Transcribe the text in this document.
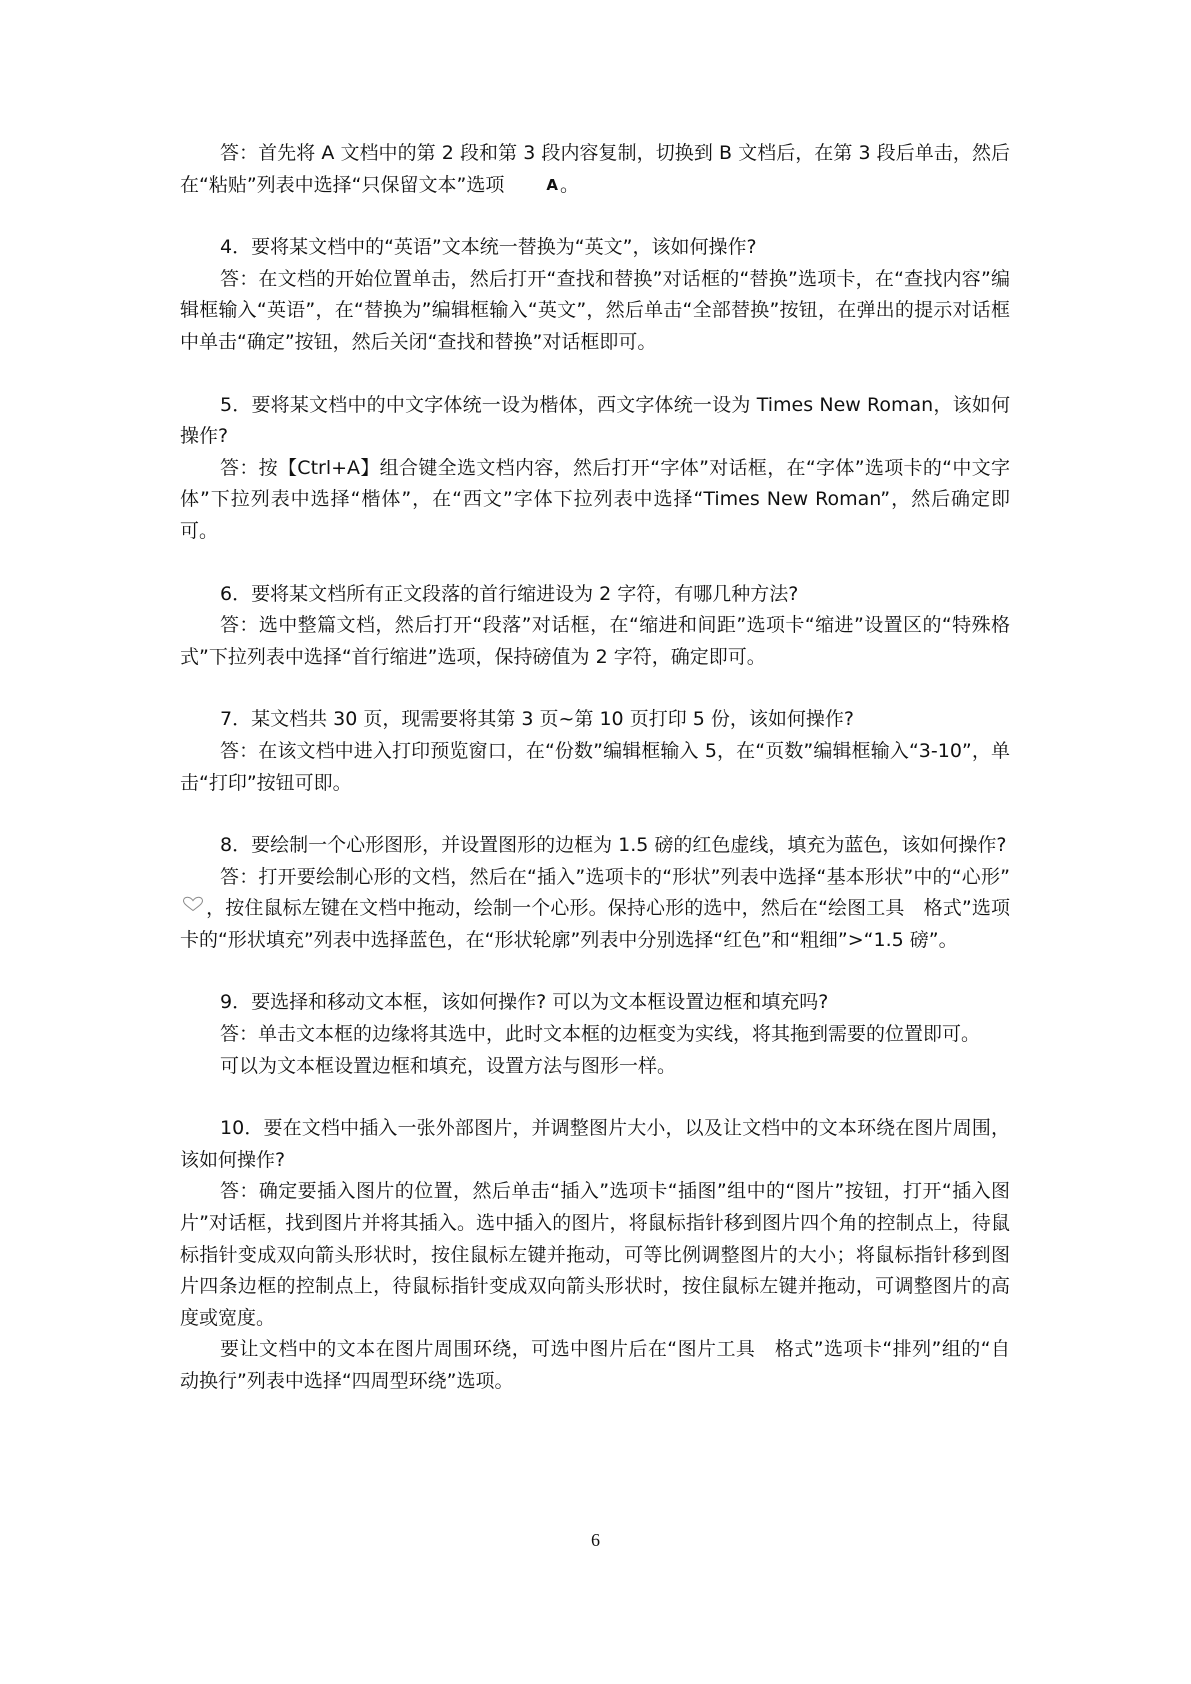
答：首先将 A 文档中的第 2 段和第 3 段内容复制，切换到 B 文档后，在第 3 段后单击，然后在“粘贴”列表中选择“只保留文本”选项	A 。

4．要将某文档中的“英语”文本统一替换为“英文”，该如何操作?

答：在文档的开始位置单击，然后打开“查找和替换”对话框的“替换”选项卡，在“查找内容”编辑框输入“英语”，在“替换为”编辑框输入“英文”，然后单击“全部替换”按钮，在弹出的提示对话框中单击“确定”按钮，然后关闭“查找和替换”对话框即可。

5．要将某文档中的中文字体统一设为楷体，西文字体统一设为 Times New Roman，该如何操作?

答：按【Ctrl+A】组合键全选文档内容，然后打开“字体”对话框，在“字体”选项卡的“中文字体”下拉列表中选择“楷体”，在“西文”字体下拉列表中选择“Times New Roman”，然后确定即可。

6．要将某文档所有正文段落的首行缩进设为 2 字符，有哪几种方法?

答：选中整篇文档，然后打开“段落”对话框，在“缩进和间距”选项卡“缩进”设置区的“特殊格式”下拉列表中选择“首行缩进”选项，保持磅值为 2 字符，确定即可。

7．某文档共 30 页，现需要将其第 3 页~第 10 页打印 5 份，该如何操作?

答：在该文档中进入打印预览窗口，在“份数”编辑框输入 5，在“页数”编辑框输入“3-10”，单击“打印”按钮可即。

8．要绘制一个心形图形，并设置图形的边框为 1.5 磅的红色虚线，填充为蓝色，该如何操作?

答：打开要绘制心形的文档，然后在“插入”选项卡的“形状”列表中选择“基本形状”中的“心形”，按住鼠标左键在文档中拖动，绘制一个心形。保持心形的选中，然后在“绘图工具　格式”选项卡的“形状填充”列表中选择蓝色，在“形状轮廓”列表中分别选择“红色”和“粗细”>“1.5 磅”。

9．要选择和移动文本框，该如何操作? 可以为文本框设置边框和填充吗?

答：单击文本框的边缘将其选中，此时文本框的边框变为实线，将其拖到需要的位置即可。

可以为文本框设置边框和填充，设置方法与图形一样。

10．要在文档中插入一张外部图片，并调整图片大小，以及让文档中的文本环绕在图片周围，该如何操作?

答：确定要插入图片的位置，然后单击“插入”选项卡“插图”组中的“图片”按钮，打开“插入图片”对话框，找到图片并将其插入。选中插入的图片，将鼠标指针移到图片四个角的控制点上，待鼠标指针变成双向箭头形状时，按住鼠标左键并拖动，可等比例调整图片的大小；将鼠标指针移到图片四条边框的控制点上，待鼠标指针变成双向箭头形状时，按住鼠标左键并拖动，可调整图片的高度或宽度。

要让文档中的文本在图片周围环绕，可选中图片后在“图片工具　格式”选项卡“排列”组的“自动换行”列表中选择“四周型环绕”选项。

6
